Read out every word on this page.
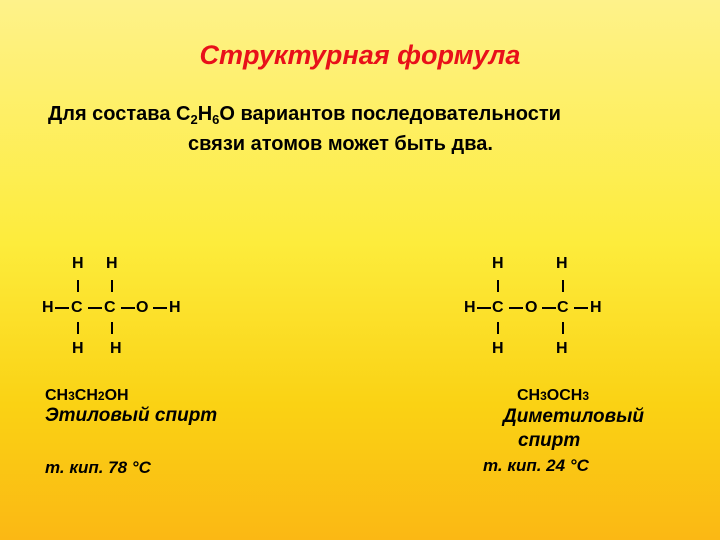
Структурная формула
Для состава $С_2Н_6О$ вариантов последовательности
связи атомов может быть два.
H H
H C C O H
H H
H	H
H C O C H
H	H
CH3CH2OH
Этиловый спирт
т. кип. 78 °С
CH3OCH3
Диметиловый
спирт
т. кип. 24 °С
